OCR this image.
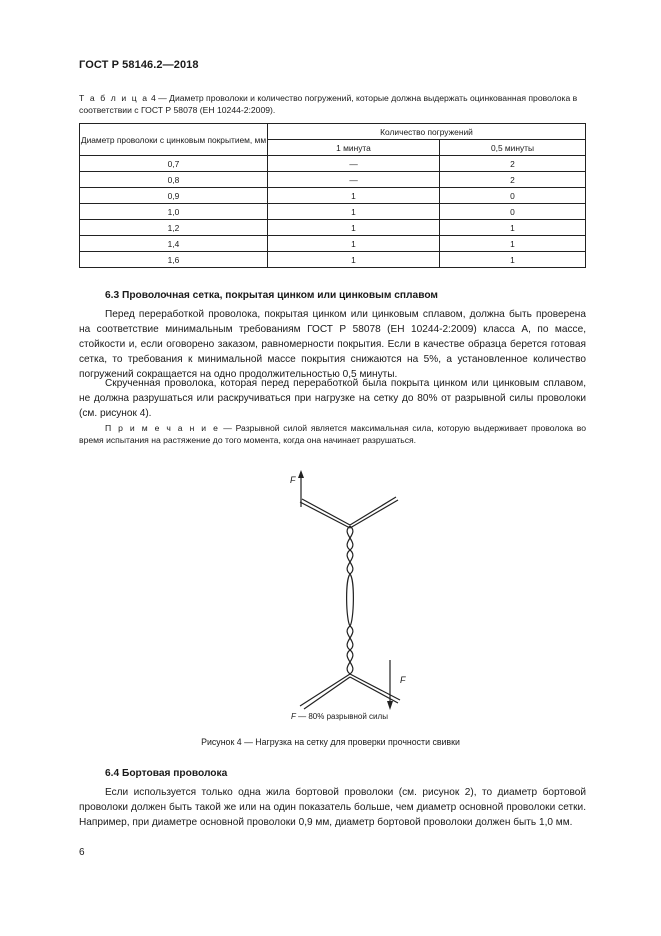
ГОСТ Р 58146.2—2018
Т а б л и ц а 4 — Диаметр проволоки и количество погружений, которые должна выдержать оцинкованная проволока в соответствии с ГОСТ Р 58078 (ЕН 10244-2:2009).
Диаметр проволоки с цинковым покрытием, мм	Количество погружений	
	1 минута	0,5 минуты
0,7	—	2
0,8	—	2
0,9	1	0
1,0	1	0
1,2	1	1
1,4	1	1
1,6	1	1
6.3 Проволочная сетка, покрытая цинком или цинковым сплавом
Перед переработкой проволока, покрытая цинком или цинковым сплавом, должна быть проверена на соответствие минимальным требованиям ГОСТ Р 58078 (ЕН 10244-2:2009) класса А, по массе, стойкости и, если оговорено заказом, равномерности покрытия. Если в качестве образца берется готовая сетка, то требования к минимальной массе покрытия снижаются на 5%, а установленное количество погружений сокращается на одно продолжительностью 0,5 минуты.
Скрученная проволока, которая перед переработкой была покрыта цинком или цинковым сплавом, не должна разрушаться или раскручиваться при нагрузке на сетку до 80% от разрывной силы проволоки (см. рисунок 4).
П р и м е ч а н и е — Разрывной силой является максимальная сила, которую выдерживает проволока во время испытания на растяжение до того момента, когда она начинает разрушаться.
F
F
F — 80% разрывной силы
Рисунок 4 — Нагрузка на сетку для проверки прочности свивки
6.4 Бортовая проволока
Если используется только одна жила бортовой проволоки (см. рисунок 2), то диаметр бортовой проволоки должен быть такой же или на один показатель больше, чем диаметр основной проволоки сетки. Например, при диаметре основной проволоки 0,9 мм, диаметр бортовой проволоки должен быть 1,0 мм.
6
